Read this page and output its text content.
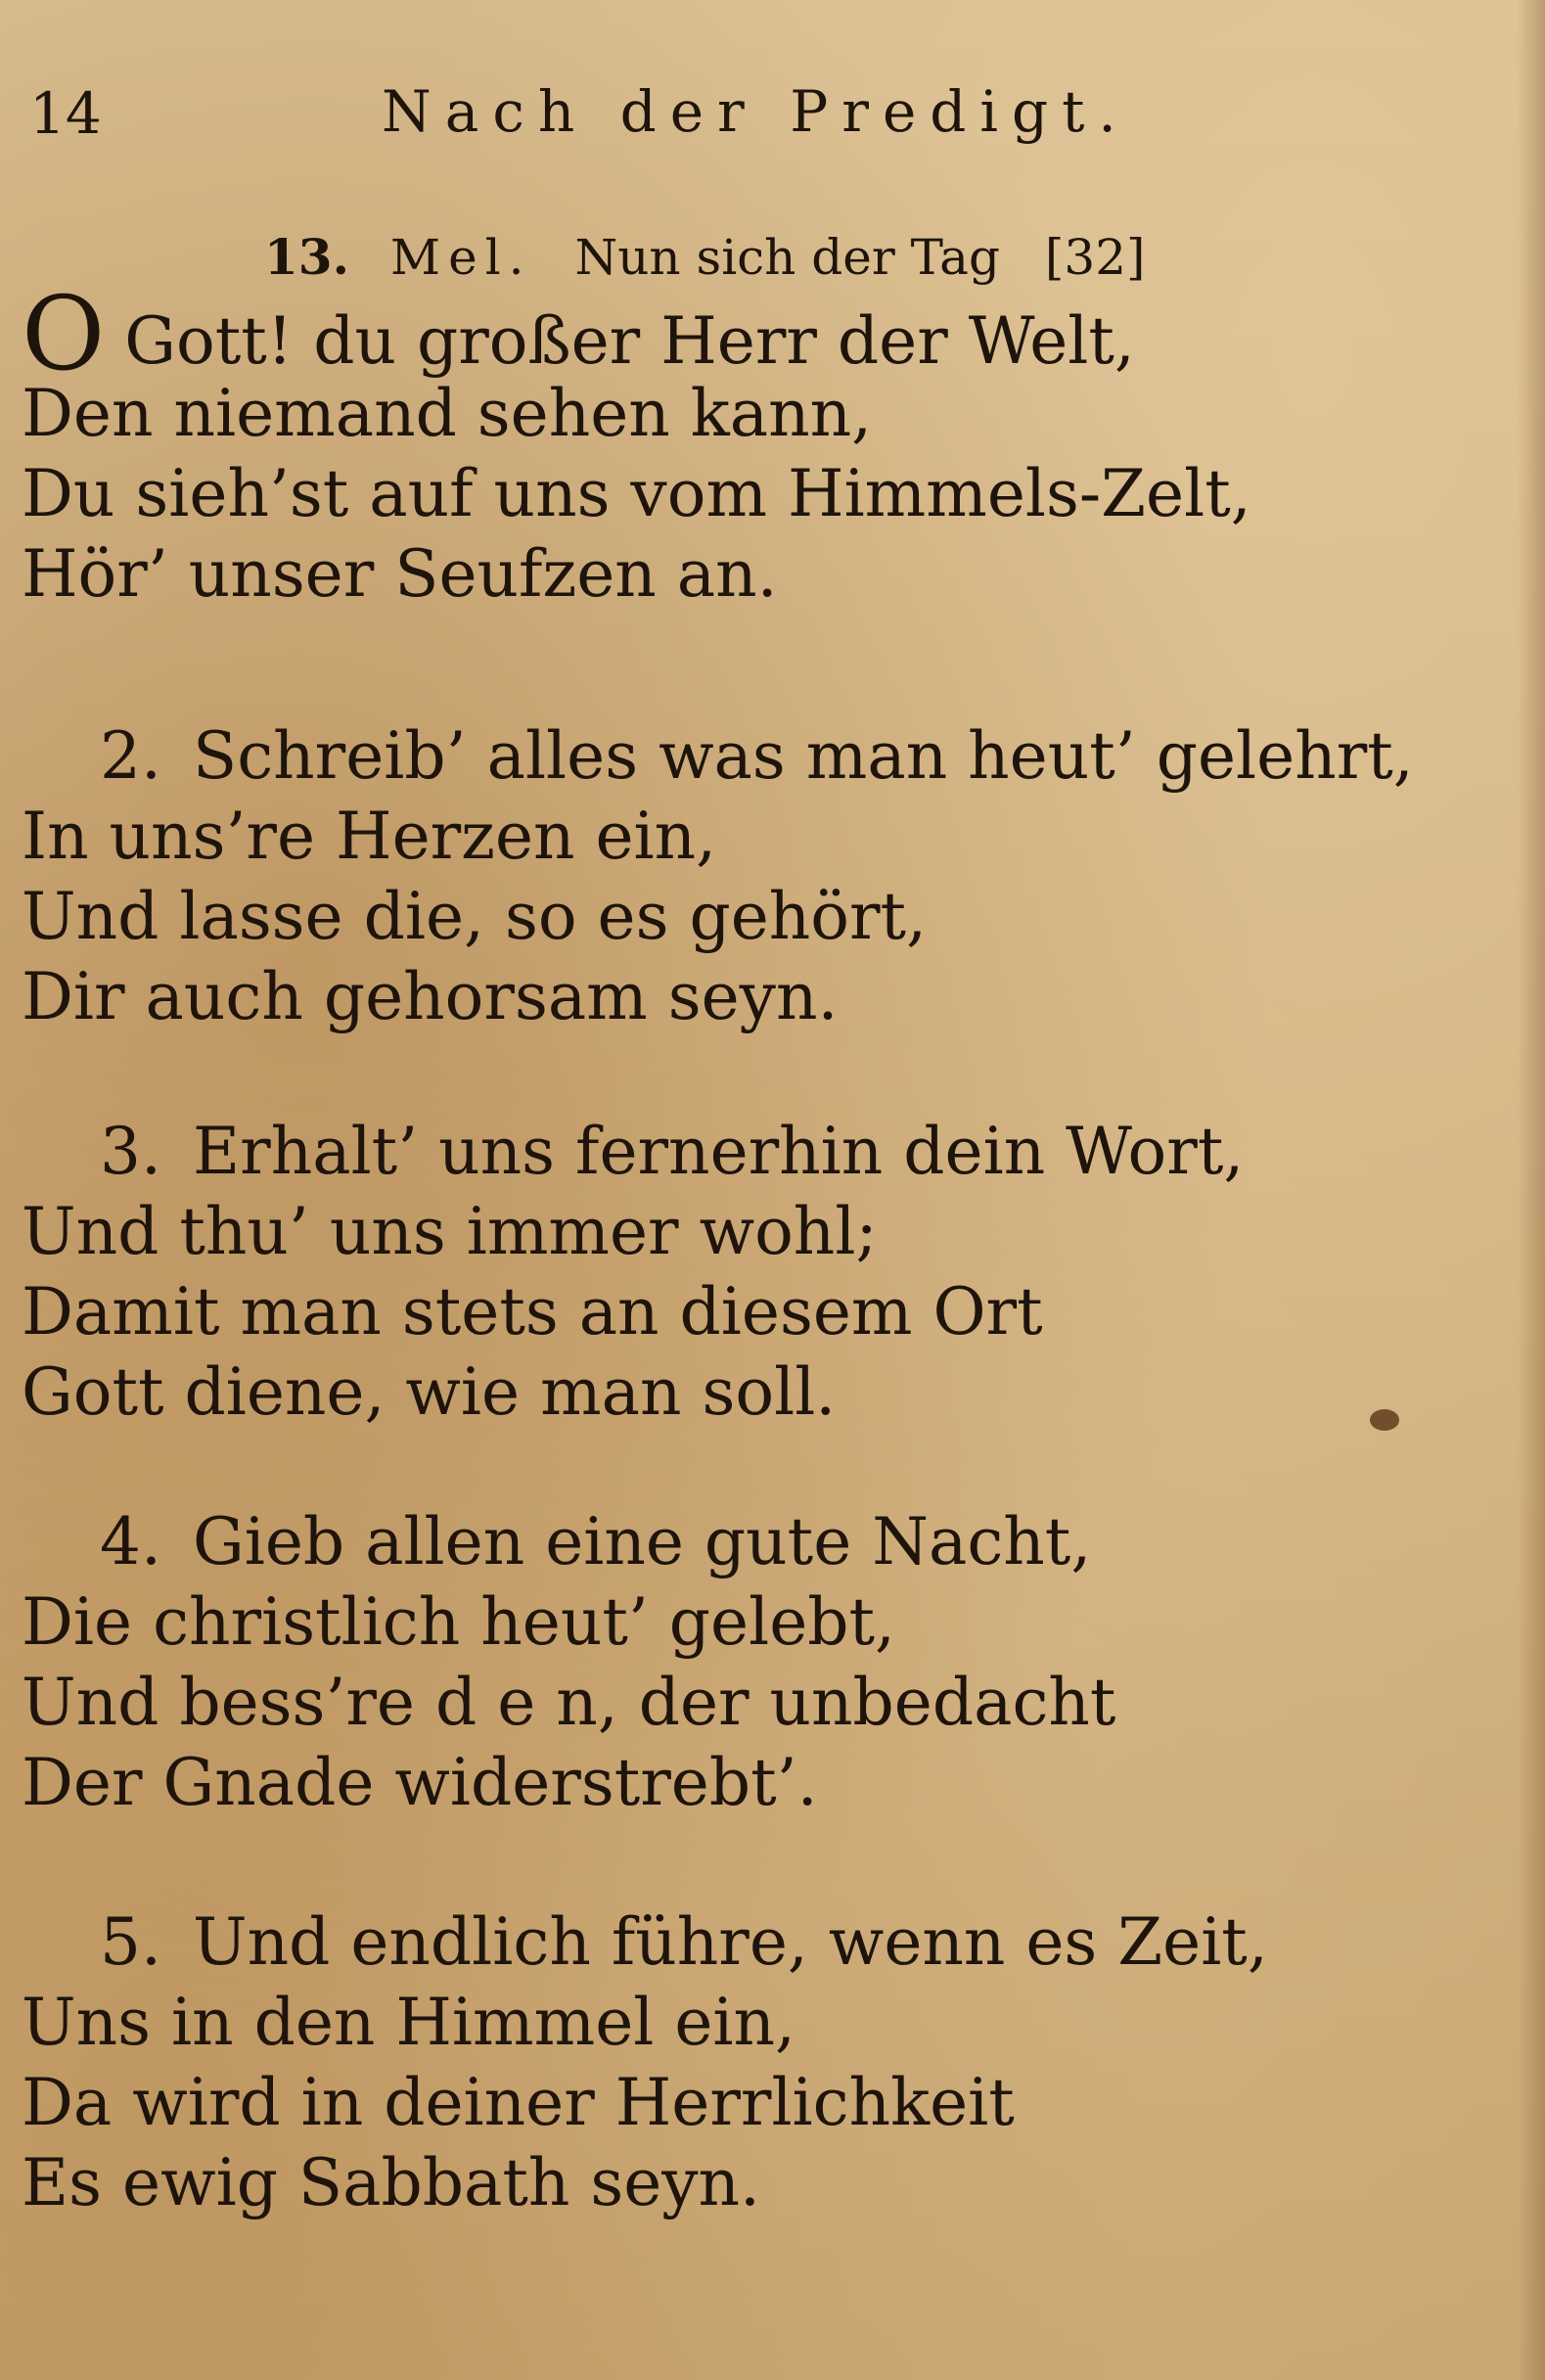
14	Nach der Predigt.
13. Mel. Nun sich der Tag [32]
O Gott! du großer Herr der Welt,
Den niemand sehen kann,
Du sieh’st auf uns vom Himmels-Zelt,
Hör’ unser Seufzen an.
2. Schreib’ alles was man heut’ gelehrt,
In uns’re Herzen ein,
Und lasse die, so es gehört,
Dir auch gehorsam seyn.
3. Erhalt’ uns fernerhin dein Wort,
Und thu’ uns immer wohl;
Damit man stets an diesem Ort
Gott diene, wie man soll.
4. Gieb allen eine gute Nacht,
Die christlich heut’ gelebt,
Und bess’re d e n, der unbedacht
Der Gnade widerstrebt’.
5. Und endlich führe, wenn es Zeit,
Uns in den Himmel ein,
Da wird in deiner Herrlichkeit
Es ewig Sabbath seyn.
